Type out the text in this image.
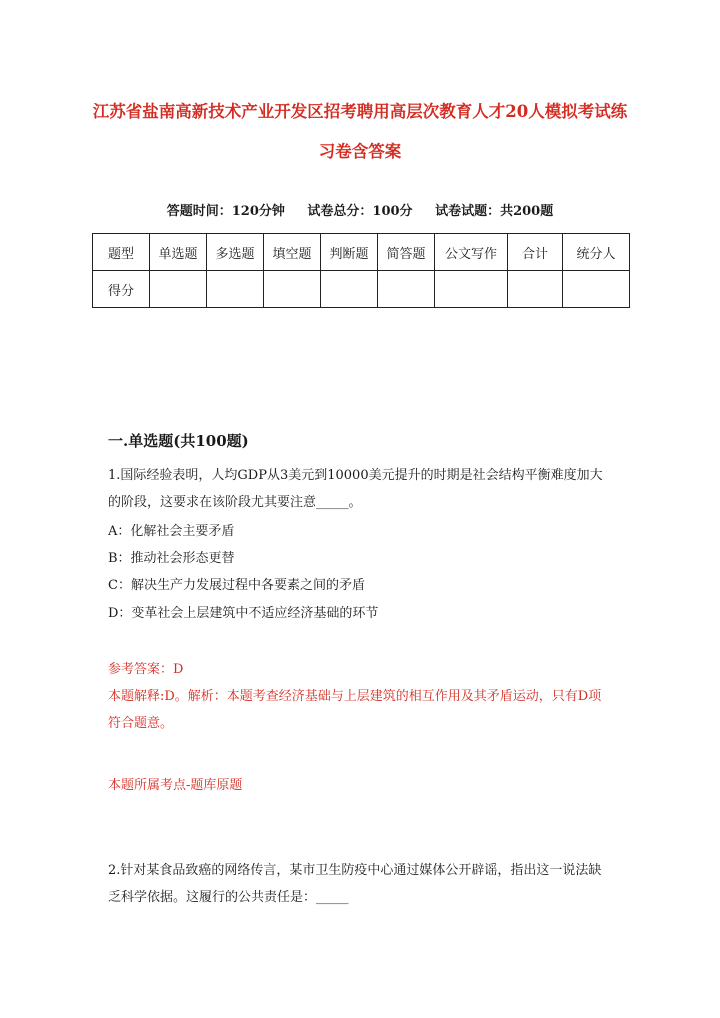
江苏省盐南高新技术产业开发区招考聘用高层次教育人才20人模拟考试练习卷含答案
答题时间：120分钟 试卷总分：100分 试卷试题：共200题
题型	单选题	多选题	填空题	判断题	简答题	公文写作	合计	统分人
得分								
一.单选题(共100题)
1.国际经验表明，人均GDP从3美元到10000美元提升的时期是社会结构平衡难度加大的阶段，这要求在该阶段尤其要注意_____。
A：化解社会主要矛盾
B：推动社会形态更替
C：解决生产力发展过程中各要素之间的矛盾
D：变革社会上层建筑中不适应经济基础的环节
参考答案：D
本题解释:D。解析：本题考查经济基础与上层建筑的相互作用及其矛盾运动，只有D项符合题意。
本题所属考点-题库原题
2.针对某食品致癌的网络传言，某市卫生防疫中心通过媒体公开辟谣，指出这一说法缺乏科学依据。这履行的公共责任是：_____
